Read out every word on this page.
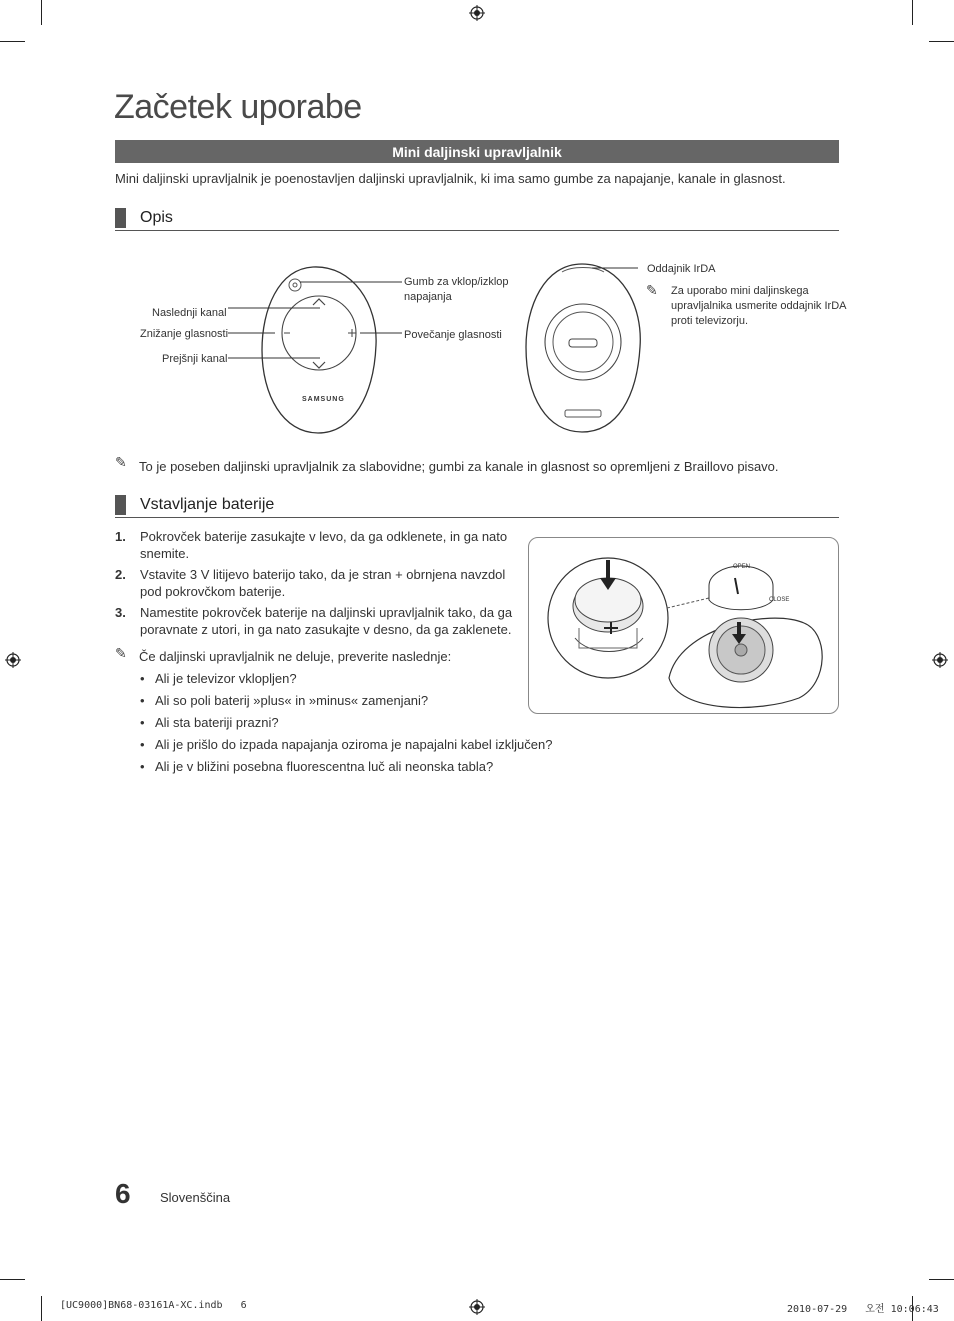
Začetek uporabe
Mini daljinski upravljalnik
Mini daljinski upravljalnik je poenostavljen daljinski upravljalnik, ki ima samo gumbe za napajanje, kanale in glasnost.
Opis
SAMSUNG
Naslednji kanal
Znižanje glasnosti
Prejšnji kanal
Gumb za vklop/izklop
napajanja
Povečanje glasnosti
Oddajnik IrDA
✎ Za uporabo mini daljinskega
upravljalnika usmerite oddajnik IrDA
proti televizorju.
✎ To je poseben daljinski upravljalnik za slabovidne; gumbi za kanale in glasnost so opremljeni z Braillovo pisavo.
Vstavljanje baterije
1. Pokrovček baterije zasukajte v levo, da ga odklenete, in ga nato snemite.
2. Vstavite 3 V litijevo baterijo tako, da je stran + obrnjena navzdol pod pokrovčkom baterije.
3. Namestite pokrovček baterije na daljinski upravljalnik tako, da ga poravnate z utori, in ga nato zasukajte v desno, da ga zaklenete.
✎ Če daljinski upravljalnik ne deluje, preverite naslednje:
• Ali je televizor vklopljen?
• Ali so poli baterij »plus« in »minus« zamenjani?
• Ali sta bateriji prazni?
• Ali je prišlo do izpada napajanja oziroma je napajalni kabel izključen?
• Ali je v bližini posebna fluorescentna luč ali neonska tabla?
OPEN
CLOSE
6 Slovenščina
[UC9000]BN68-03161A-XC.indb   6	2010-07-29   오전 10:06:43
